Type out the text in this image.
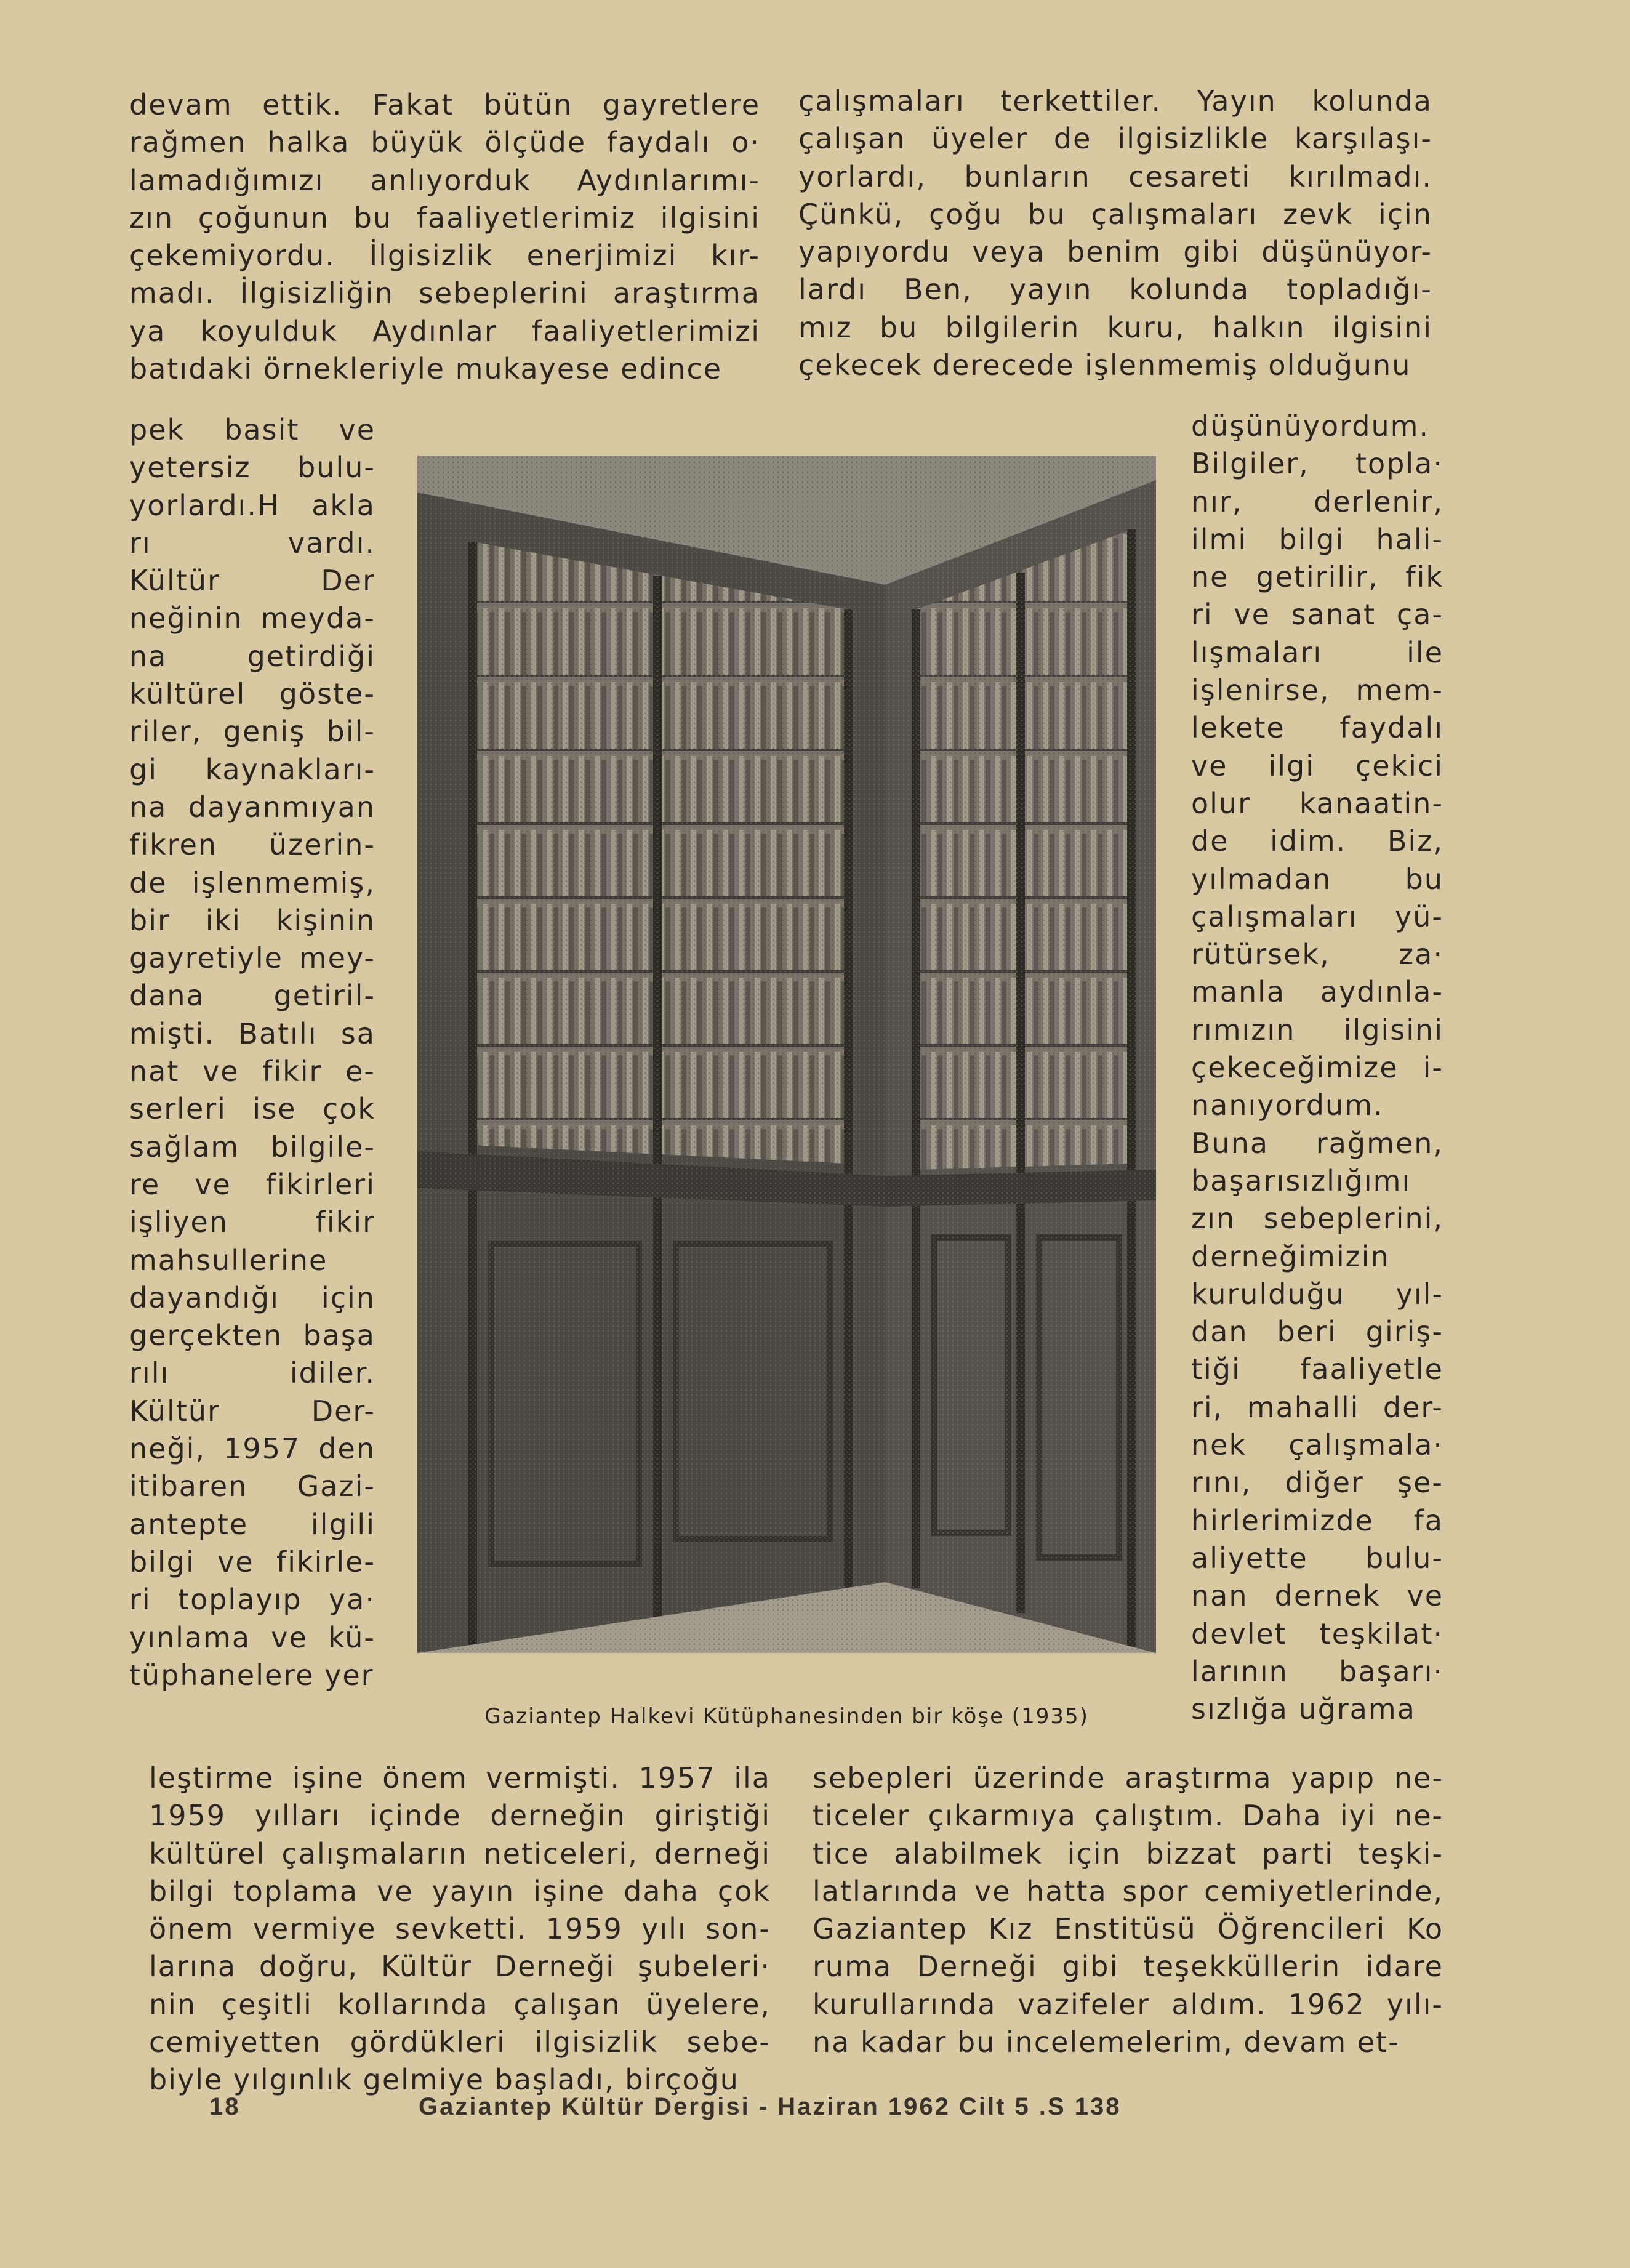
devam ettik. Fakat bütün gayretlere
rağmen halka büyük ölçüde faydalı o·
lamadığımızı anlıyorduk Aydınlarımı-
zın çoğunun bu faaliyetlerimiz ilgisini
çekemiyordu. İlgisizlik enerjimizi kır-
madı. İlgisizliğin sebeplerini araştırma
ya koyulduk Aydınlar faaliyetlerimizi
batıdaki örnekleriyle mukayese edince
pek basit ve
yetersiz bulu-
yorlardı.H akla
rı vardı.
Kültür Der
neğinin meyda-
na getirdiği
kültürel göste-
riler, geniş bil-
gi kaynakları-
na dayanmıyan
fikren üzerin-
de işlenmemiş,
bir iki kişinin
gayretiyle mey-
dana getiril-
mişti. Batılı sa
nat ve fikir e-
serleri ise çok
sağlam bilgile-
re ve fikirleri
işliyen fikir
mahsullerine
dayandığı için
gerçekten başa
rılı idiler.
Kültür Der-
neği, 1957 den
itibaren Gazi-
antepte ilgili
bilgi ve fikirle-
ri toplayıp ya·
yınlama ve kü-
tüphanelere yer
leştirme işine önem vermişti. 1957 ila
1959 yılları içinde derneğin giriştiği
kültürel çalışmaların neticeleri, derneği
bilgi toplama ve yayın işine daha çok
önem vermiye sevketti. 1959 yılı son-
larına doğru, Kültür Derneği şubeleri·
nin çeşitli kollarında çalışan üyelere,
cemiyetten gördükleri ilgisizlik sebe-
biyle yılgınlık gelmiye başladı, birçoğu
çalışmaları terkettiler. Yayın kolunda
çalışan üyeler de ilgisizlikle karşılaşı-
yorlardı, bunların cesareti kırılmadı.
Çünkü, çoğu bu çalışmaları zevk için
yapıyordu veya benim gibi düşünüyor-
lardı Ben, yayın kolunda topladığı-
mız bu bilgilerin kuru, halkın ilgisini
çekecek derecede işlenmemiş olduğunu
düşünüyordum.
Bilgiler, topla·
nır, derlenir,
ilmi bilgi hali-
ne getirilir, fik
ri ve sanat ça-
lışmaları ile
işlenirse, mem-
lekete faydalı
ve ilgi çekici
olur kanaatin-
de idim. Biz,
yılmadan bu
çalışmaları yü-
rütürsek, za·
manla aydınla-
rımızın ilgisini
çekeceğimize i-
nanıyordum.
Buna rağmen,
başarısızlığımı
zın sebeplerini,
derneğimizin
kurulduğu yıl-
dan beri giriş-
tiği faaliyetle
ri, mahalli der-
nek çalışmala·
rını, diğer şe-
hirlerimizde fa
aliyette bulu-
nan dernek ve
devlet teşkilat·
larının başarı·
sızlığa uğrama
sebepleri üzerinde araştırma yapıp ne-
ticeler çıkarmıya çalıştım. Daha iyi ne-
tice alabilmek için bizzat parti teşki-
latlarında ve hatta spor cemiyetlerinde,
Gaziantep Kız Enstitüsü Öğrencileri Ko
ruma Derneği gibi teşekküllerin idare
kurullarında vazifeler aldım. 1962 yılı-
na kadar bu incelemelerim, devam et-
Gaziantep Halkevi Kütüphanesinden bir köşe (1935)
18	Gaziantep Kültür Dergisi - Haziran 1962 Cilt 5 .S 138
